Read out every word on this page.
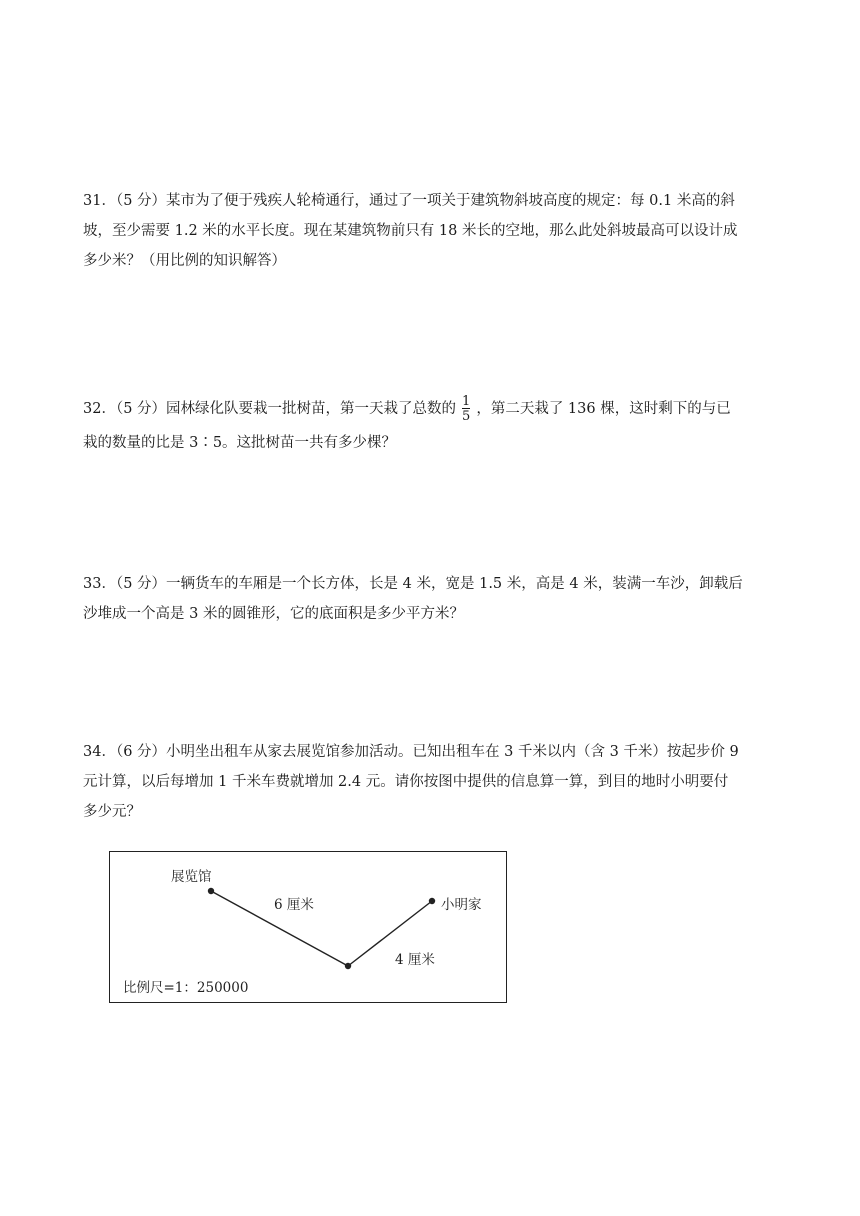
31．（5 分）某市为了便于残疾人轮椅通行，通过了一项关于建筑物斜坡高度的规定：每 0.1 米高的斜
坡，至少需要 1.2 米的水平长度。现在某建筑物前只有 18 米长的空地，那么此处斜坡最高可以设计成
多少米？（用比例的知识解答）
32．（5 分）园林绿化队要栽一批树苗，第一天栽了总数的 $\frac{1}{5}$ ，第二天栽了 136 棵，这时剩下的与已
栽的数量的比是 3∶5。这批树苗一共有多少棵？
33．（5 分）一辆货车的车厢是一个长方体，长是 4 米，宽是 1.5 米，高是 4 米，装满一车沙，卸载后
沙堆成一个高是 3 米的圆锥形，它的底面积是多少平方米？
34．（6 分）小明坐出租车从家去展览馆参加活动。已知出租车在 3 千米以内（含 3 千米）按起步价 9
元计算，以后每增加 1 千米车费就增加 2.4 元。请你按图中提供的信息算一算，到目的地时小明要付
多少元？
展览馆
小明家
6 厘米
4 厘米
比例尺=1：250000
